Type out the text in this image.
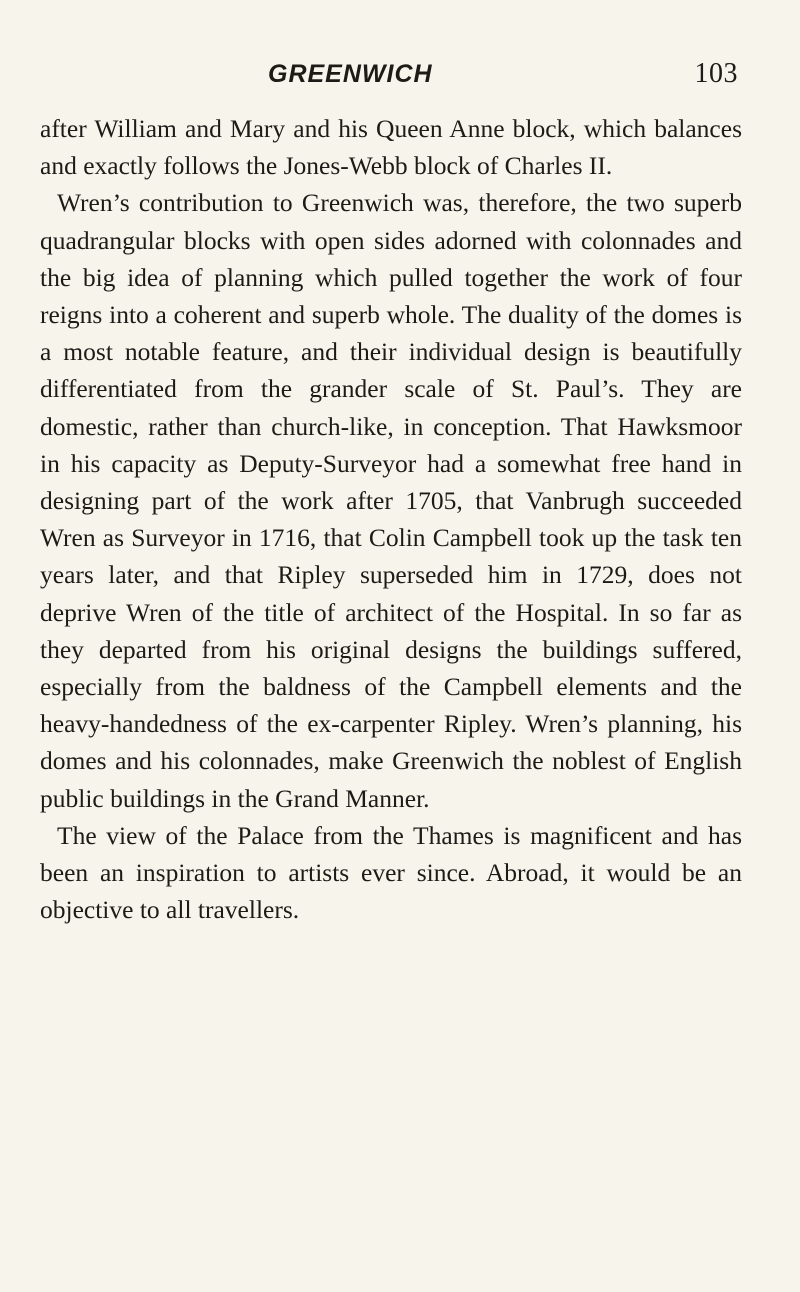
GREENWICH	103

after William and Mary and his Queen Anne block, which balances and exactly follows the Jones-Webb block of Charles II.

Wren’s contribution to Greenwich was, therefore, the two superb quadrangular blocks with open sides adorned with colonnades and the big idea of planning which pulled together the work of four reigns into a coherent and superb whole. The duality of the domes is a most notable feature, and their individual design is beautifully differentiated from the grander scale of St. Paul’s. They are domestic, rather than church-like, in conception. That Hawksmoor in his capacity as Deputy-Surveyor had a somewhat free hand in designing part of the work after 1705, that Vanbrugh succeeded Wren as Surveyor in 1716, that Colin Campbell took up the task ten years later, and that Ripley superseded him in 1729, does not deprive Wren of the title of architect of the Hospital. In so far as they departed from his original designs the buildings suffered, especially from the baldness of the Campbell elements and the heavy-handedness of the ex-carpenter Ripley. Wren’s planning, his domes and his colonnades, make Greenwich the noblest of English public buildings in the Grand Manner.

The view of the Palace from the Thames is magnificent and has been an inspiration to artists ever since. Abroad, it would be an objective to all travellers.
